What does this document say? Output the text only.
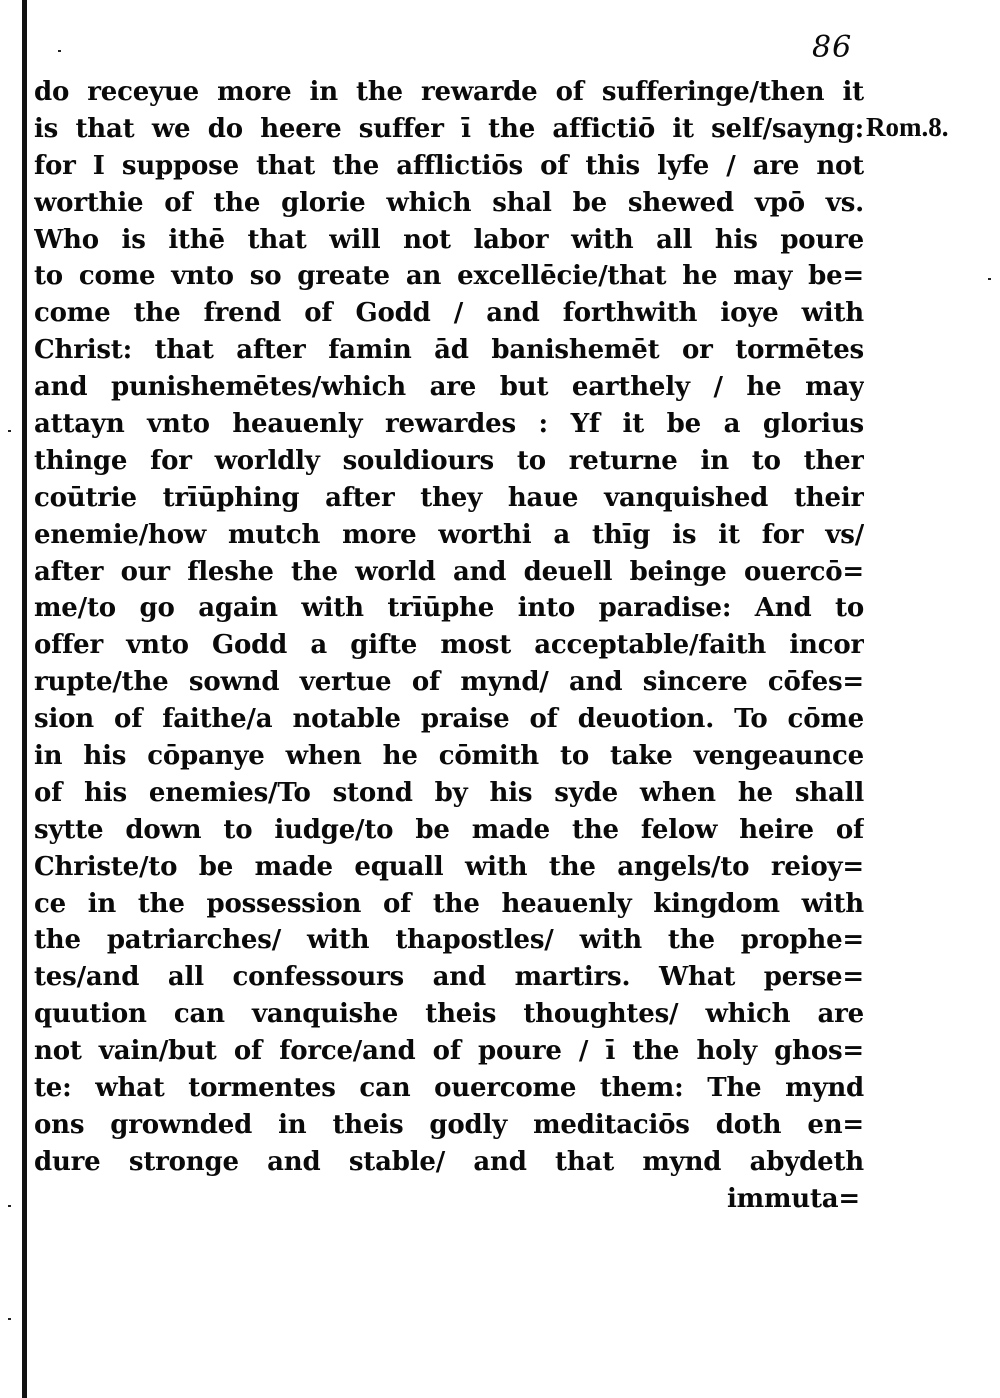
86
Rom.8.
do receyue more in the rewarde of sufferinge/then it
is that we do heere suffer ī the affictiō it self/sayng:
for I suppose that the afflictiōs of this lyfe / are not
worthie of the glorie which shal be shewed vpō vs.
Who is ithē that will not labor with all his poure
to come vnto so greate an excellēcie/that he may be=
come the frend of Godd / and forthwith ioye with
Christ: that after famin ād banishemēt or tormētes
and punishemētes/which are but earthely / he may
attayn vnto heauenly rewardes : Yf it be a glorius
thinge for worldly souldiours to returne in to ther
coūtrie trīūphing after they haue vanquished their
enemie/how mutch more worthi a thīg is it for vs/
after our fleshe the world and deuell beinge ouercō=
me/to go again with trīūphe into paradise: And to
offer vnto Godd a gifte most acceptable/faith incor
rupte/the sownd vertue of mynd/ and sincere cōfes=
sion of faithe/a notable praise of deuotion. To cōme
in his cōpanye when he cōmith to take vengeaunce
of his enemies/To stond by his syde when he shall
sytte down to iudge/to be made the felow heire of
Christe/to be made equall with the angels/to reioy=
ce in the possession of the heauenly kingdom with
the patriarches/ with thapostles/ with the prophe=
tes/and all confessours and martirs. What perse=
quution can vanquishe theis thoughtes/ which are
not vain/but of force/and of poure / ī the holy ghos=
te: what tormentes can ouercome them: The mynd
ons grownded in theis godly meditaciōs doth en=
dure stronge and stable/ and that mynd abydeth
immuta=
